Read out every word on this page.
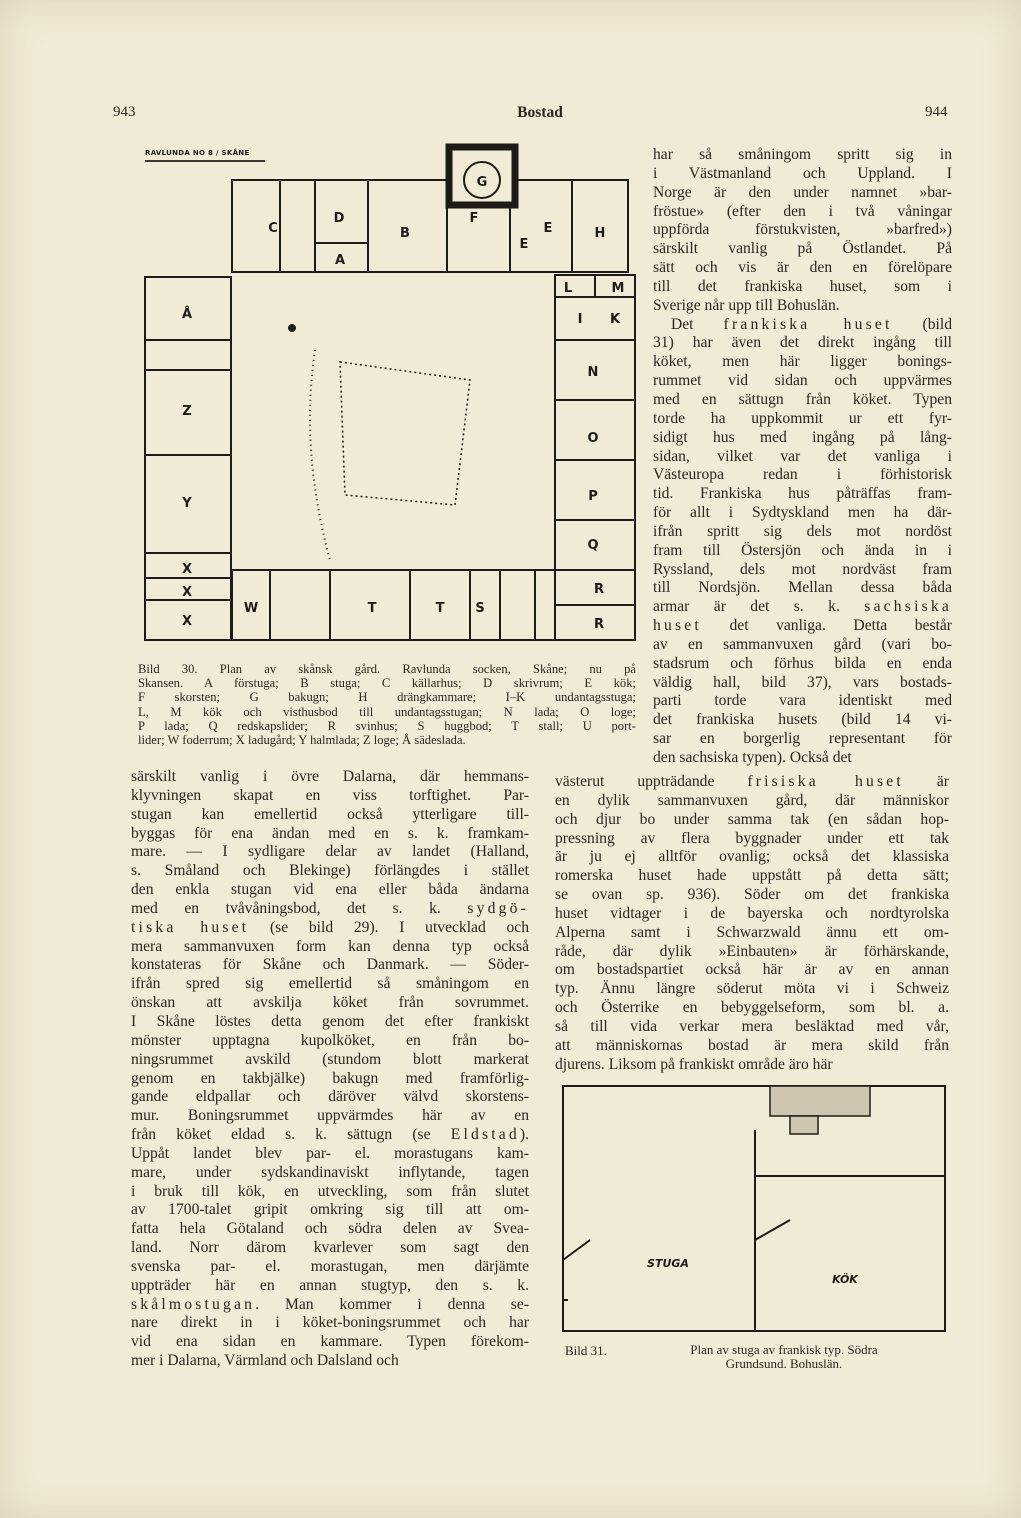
943	Bostad	944
RAVLUNDA NO 8 / SKÅNE
G
C
D
B
F
E
E	H
A
L	M
I K
Å
N
Z
O
Y	P
Q
X
X
X
W	T	T S
R
R
STUGA
KÖK
Bild 30. Plan av skånsk gård. Ravlunda socken, Skåne; nu på
Skansen. A förstuga; B stuga; C källarhus; D skrivrum; E kök;
F skorsten; G bakugn; H drängkammare; I–K undantagsstuga;
L, M kök och visthusbod till undantagsstugan; N lada; O loge;
P lada; Q redskapslider; R svinhus; S huggbod; T stall; U port-
lider; W foderrum; X ladugård; Y halmlada; Z loge; Å sädeslada.
har så småningom spritt sig in
i Västmanland och Uppland. I
Norge är den under namnet »bar-
fröstue» (efter den i två våningar
uppförda förstukvisten, »barfred»)
särskilt vanlig på Östlandet. På
sätt och vis är den en förelöpare
till det frankiska huset, som i
Sverige når upp till Bohuslän.
Det frankiska huset (bild
31) har även det direkt ingång till
köket, men här ligger bonings-
rummet vid sidan och uppvärmes
med en sättugn från köket. Typen
torde ha uppkommit ur ett fyr-
sidigt hus med ingång på lång-
sidan, vilket var det vanliga i
Västeuropa redan i förhistorisk
tid. Frankiska hus påträffas fram-
för allt i Sydtyskland men ha där-
ifrån spritt sig dels mot nordöst
fram till Östersjön och ända in i
Ryssland, dels mot nordväst fram
till Nordsjön. Mellan dessa båda
armar är det s. k. sachsiska
huset det vanliga. Detta består
av en sammanvuxen gård (vari bo-
stadsrum och förhus bilda en enda
väldig hall, bild 37), vars bostads-
parti torde vara identiskt med
det frankiska husets (bild 14 vi-
sar en borgerlig representant för
den sachsiska typen). Också det
särskilt vanlig i övre Dalarna, där hemmans-
klyvningen skapat en viss torftighet. Par-
stugan kan emellertid också ytterligare till-
byggas för ena ändan med en s. k. framkam-
mare. — I sydligare delar av landet (Halland,
s. Småland och Blekinge) förlängdes i stället
den enkla stugan vid ena eller båda ändarna
med en tvåvåningsbod, det s. k. sydgö-
tiska huset (se bild 29). I utvecklad och
mera sammanvuxen form kan denna typ också
konstateras för Skåne och Danmark. — Söder-
ifrån spred sig emellertid så småningom en
önskan att avskilja köket från sovrummet.
I Skåne löstes detta genom det efter frankiskt
mönster upptagna kupolköket, en från bo-
ningsrummet avskild (stundom blott markerat
genom en takbjälke) bakugn med framförlig-
gande eldpallar och däröver välvd skorstens-
mur. Boningsrummet uppvärmdes här av en
från köket eldad s. k. sättugn (se Eldstad).
Uppåt landet blev par- el. morastugans kam-
mare, under sydskandinaviskt inflytande, tagen
i bruk till kök, en utveckling, som från slutet
av 1700-talet gripit omkring sig till att om-
fatta hela Götaland och södra delen av Svea-
land. Norr därom kvarlever som sagt den
svenska par- el. morastugan, men därjämte
uppträder här en annan stugtyp, den s. k.
skålmostugan. Man kommer i denna se-
nare direkt in i köket-boningsrummet och har
vid ena sidan en kammare. Typen förekom-
mer i Dalarna, Värmland och Dalsland och
västerut uppträdande frisiska huset är
en dylik sammanvuxen gård, där människor
och djur bo under samma tak (en sådan hop-
pressning av flera byggnader under ett tak
är ju ej alltför ovanlig; också det klassiska
romerska huset hade uppstått på detta sätt;
se ovan sp. 936). Söder om det frankiska
huset vidtager i de bayerska och nordtyrolska
Alperna samt i Schwarzwald ännu ett om-
råde, där dylik »Einbauten» är förhärskande,
om bostadspartiet också här är av en annan
typ. Ännu längre söderut möta vi i Schweiz
och Österrike en bebyggelseform, som bl. a.
så till vida verkar mera besläktad med vår,
att människornas bostad är mera skild från
djurens. Liksom på frankiskt område äro här
Bild 31.	Plan av stuga av frankisk typ. Södra
Grundsund. Bohuslän.
